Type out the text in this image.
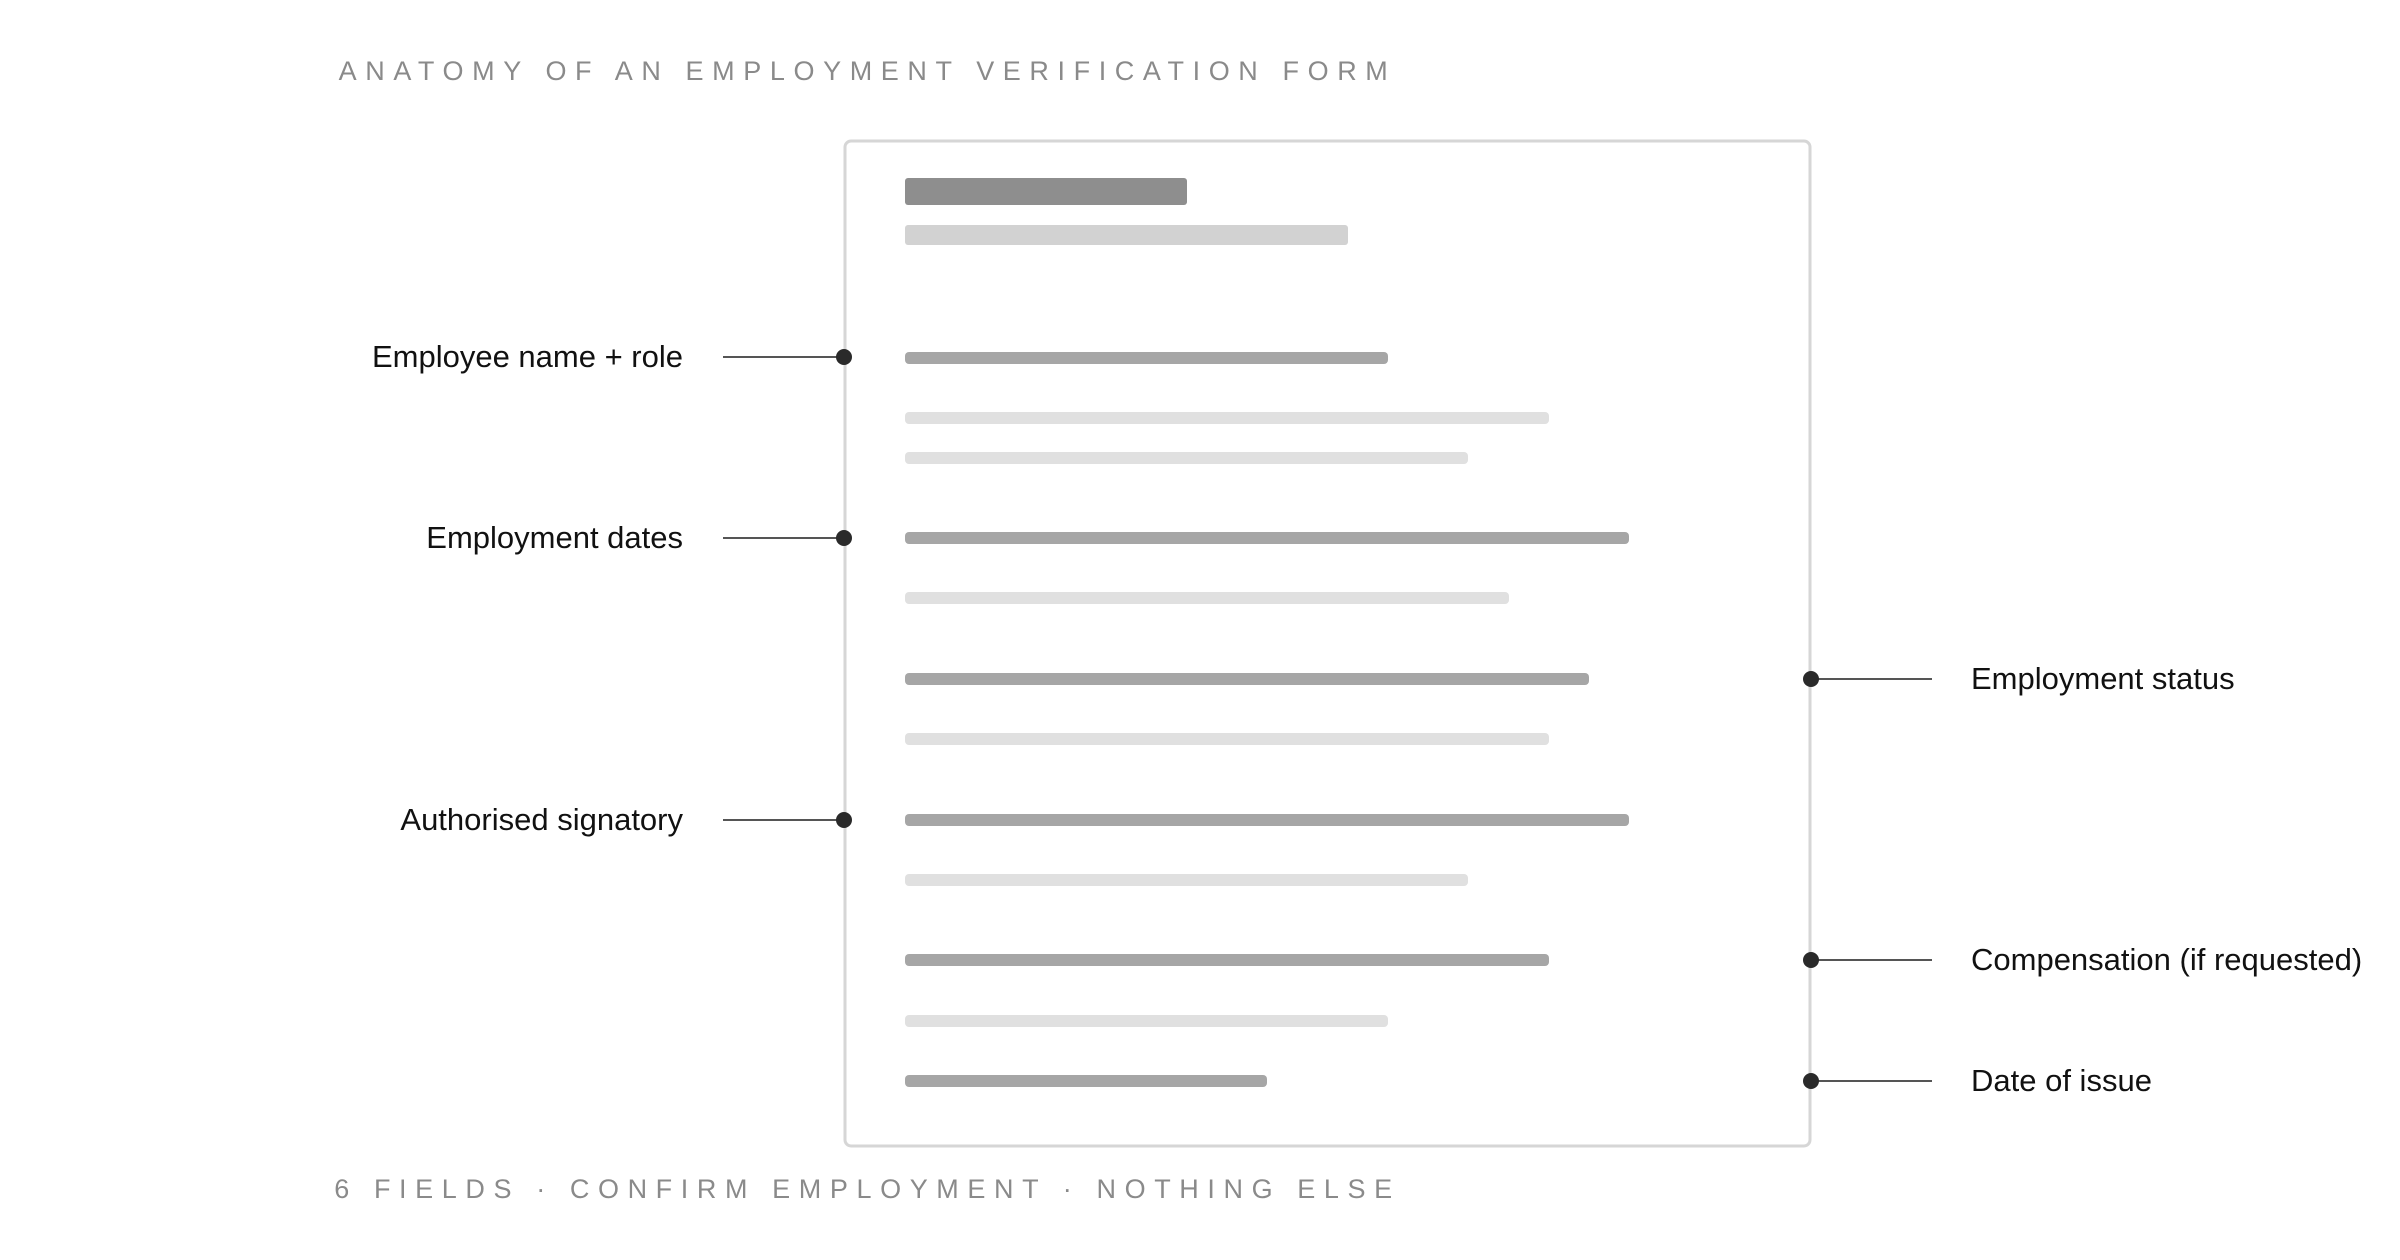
ANATOMY OF AN EMPLOYMENT VERIFICATION FORM
Employee name + role
Employment dates
Authorised signatory
Employment status
Compensation (if requested)
Date of issue
6 FIELDS · CONFIRM EMPLOYMENT · NOTHING ELSE
